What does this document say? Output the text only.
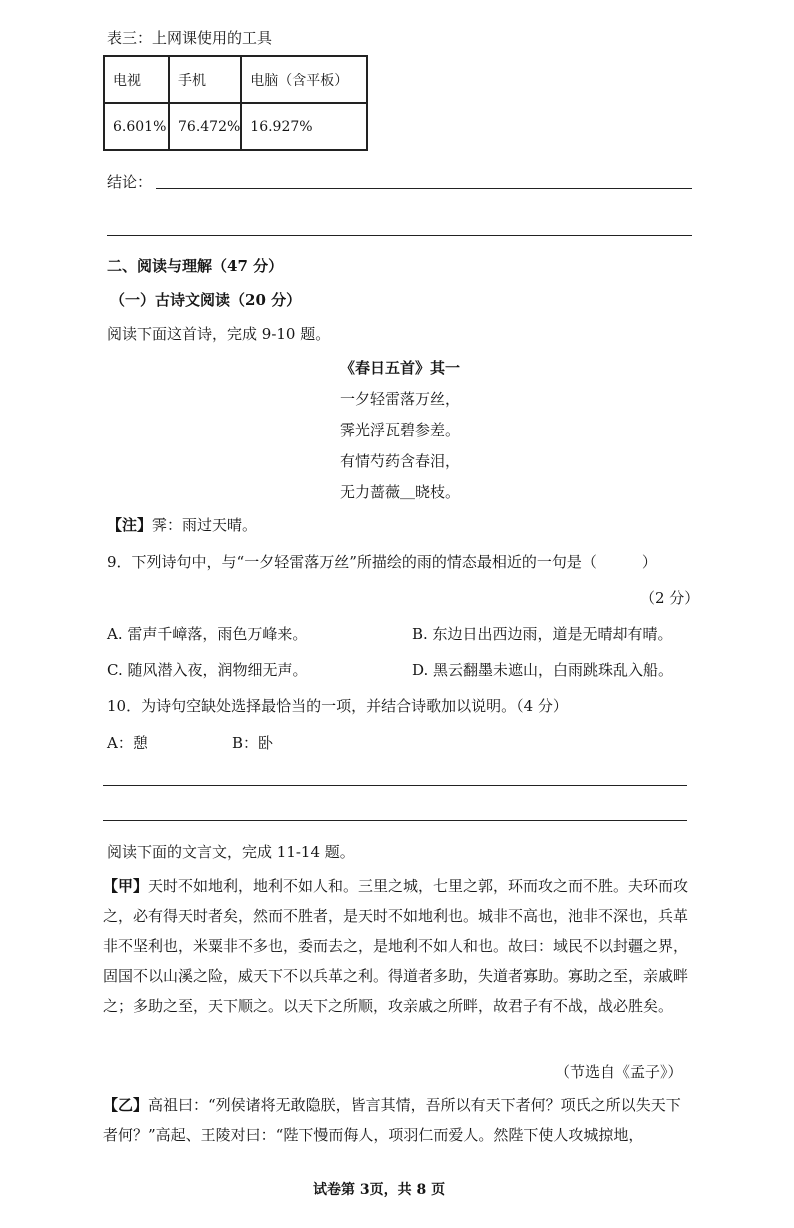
表三：上网课使用的工具
电视	手机	电脑（含平板）
6.601%	76.472%	16.927%
结论：
二、阅读与理解（47 分）
（一）古诗文阅读（20 分）
阅读下面这首诗，完成 9-10 题。
《春日五首》其一
一夕轻雷落万丝，
霁光浮瓦碧参差。
有情芍药含春泪，
无力蔷薇＿晓枝。
【注】霁：雨过天晴。
9．下列诗句中，与“一夕轻雷落万丝”所描绘的雨的情态最相近的一句是（　　　）
（2 分）
A. 雷声千嶂落，雨色万峰来。	B. 东边日出西边雨，道是无晴却有晴。
C. 随风潜入夜，润物细无声。	D. 黑云翻墨未遮山，白雨跳珠乱入船。
10．为诗句空缺处选择最恰当的一项，并结合诗歌加以说明。（4 分）
A：憩	B：卧
阅读下面的文言文，完成 11-14 题。
【甲】天时不如地利，地利不如人和。三里之城，七里之郭，环而攻之而不胜。夫环而攻之，必有得天时者矣，然而不胜者，是天时不如地利也。城非不高也，池非不深也，兵革非不坚利也，米粟非不多也，委而去之，是地利不如人和也。故曰：域民不以封疆之界，固国不以山溪之险，威天下不以兵革之利。得道者多助，失道者寡助。寡助之至，亲戚畔之；多助之至，天下顺之。以天下之所顺，攻亲戚之所畔，故君子有不战，战必胜矣。
（节选自《孟子》）
【乙】高祖曰：“列侯诸将无敢隐朕，皆言其情，吾所以有天下者何？项氏之所以失天下者何？”高起、王陵对曰：“陛下慢而侮人，项羽仁而爱人。然陛下使人攻城掠地，
试卷第 3页，共 8 页
